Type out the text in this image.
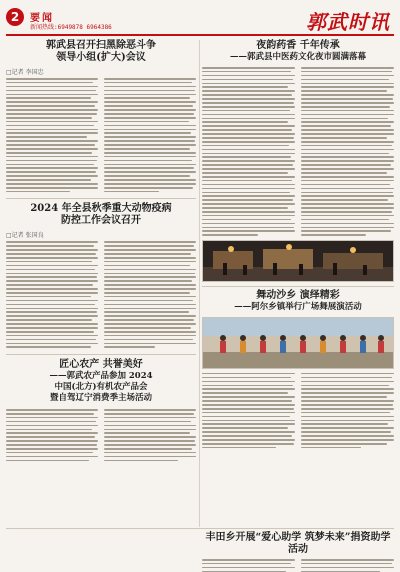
2	要闻
新闻热线:6949878 6964386	郭武时讯
郭武县召开扫黑除恶斗争
领导小组(扩大)会议
□记者 李国忠
2024 年全县秋季重大动物疫病
防控工作会议召开
□记者 张国良
匠心农产 共誉美好
——郭武农产品参加 2024
中国(北方)有机农产品会
暨自驾辽宁消费季主场活动
夜韵药香 千年传承
——郭武县中医药文化夜市圆满落幕
舞动沙乡 演绎精彩
——阿尔乡镇举行广场舞展演活动
丰田乡开展“爱心助学 筑梦未来”捐资助学活动
